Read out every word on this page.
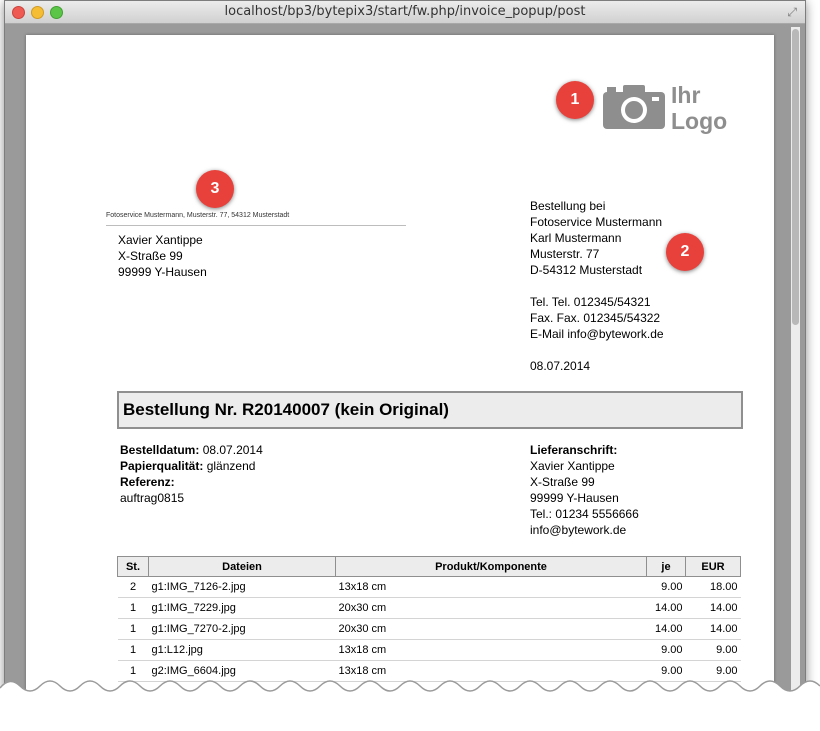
localhost/bp3/bytepix3/start/fw.php/invoice_popup/post	⤢
Ihr
Logo
1
2
3
Fotoservice Mustermann, Musterstr. 77, 54312 Musterstadt
Xavier Xantippe
X-Straße 99
99999 Y-Hausen
Bestellung bei
Fotoservice Mustermann
Karl Mustermann
Musterstr. 77
D-54312 Musterstadt
Tel. Tel. 012345/54321
Fax. Fax. 012345/54322
E-Mail info@bytework.de
08.07.2014
Bestellung Nr. R20140007 (kein Original)
Bestelldatum: 08.07.2014
Papierqualität: glänzend
Referenz:
auftrag0815
Lieferanschrift:
Xavier Xantippe
X-Straße 99
99999 Y-Hausen
Tel.: 01234 5556666
info@bytework.de
St.	Dateien	Produkt/Komponente	je	EUR
2	g1:IMG_7126-2.jpg	13x18 cm	9.00	18.00
1	g1:IMG_7229.jpg	20x30 cm	14.00	14.00
1	g1:IMG_7270-2.jpg	20x30 cm	14.00	14.00
1	g1:L12.jpg	13x18 cm	9.00	9.00
1	g2:IMG_6604.jpg	13x18 cm	9.00	9.00
